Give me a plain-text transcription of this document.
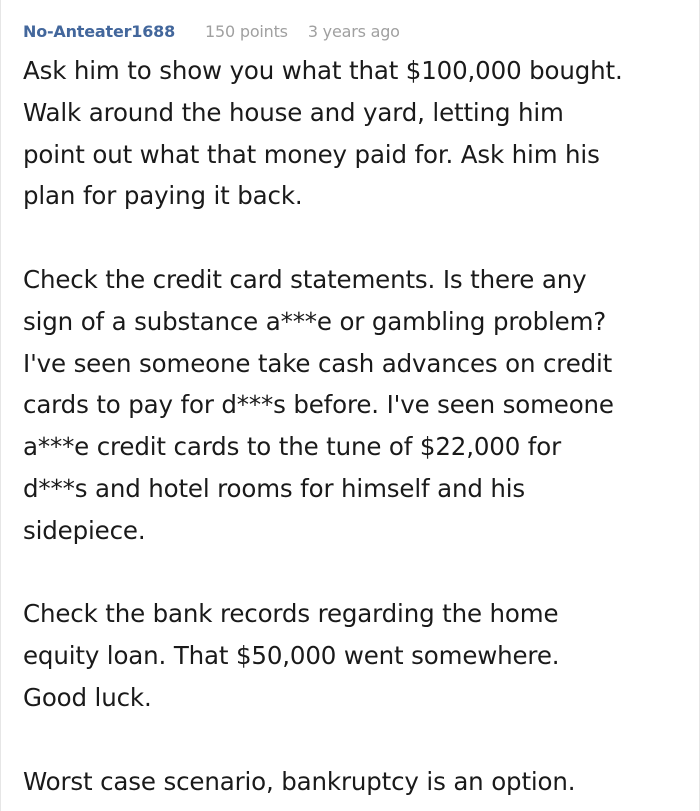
No-Anteater1688 150 points 3 years ago

Ask him to show you what that $100,000 bought.
Walk around the house and yard, letting him
point out what that money paid for. Ask him his
plan for paying it back.

Check the credit card statements. Is there any
sign of a substance a***e or gambling problem?
I've seen someone take cash advances on credit
cards to pay for d***s before. I've seen someone
a***e credit cards to the tune of $22,000 for
d***s and hotel rooms for himself and his
sidepiece.

Check the bank records regarding the home
equity loan. That $50,000 went somewhere.
Good luck.

Worst case scenario, bankruptcy is an option.
